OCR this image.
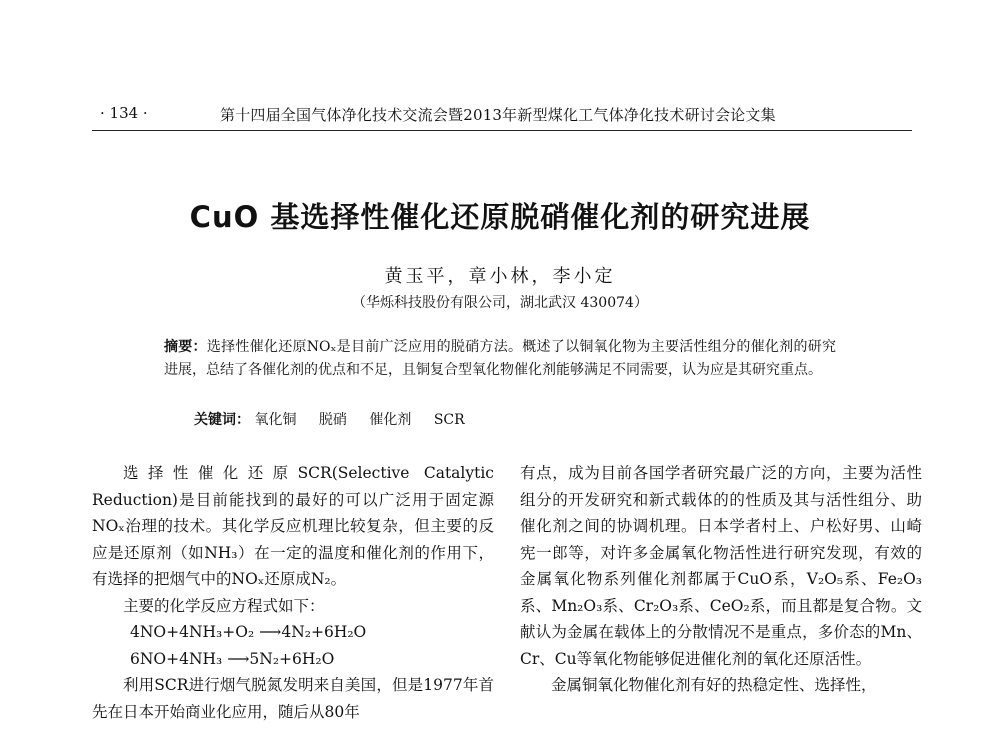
· 134 ·	第十四届全国气体净化技术交流会暨2013年新型煤化工气体净化技术研讨会论文集
CuO 基选择性催化还原脱硝催化剂的研究进展
黄玉平，章小林，李小定
（华烁科技股份有限公司，湖北武汉 430074）
摘要：选择性催化还原NOₓ是目前广泛应用的脱硝方法。概述了以铜氧化物为主要活性组分的催化剂的研究进展，总结了各催化剂的优点和不足，且铜复合型氧化物催化剂能够满足不同需要，认为应是其研究重点。
关键词： 氧化铜 脱硝 催化剂 SCR

选择性催化还原SCR(Selective Catalytic Reduction)是目前能找到的最好的可以广泛用于固定源NOₓ治理的技术。其化学反应机理比较复杂，但主要的反应是还原剂（如NH₃）在一定的温度和催化剂的作用下，有选择的把烟气中的NOₓ还原成N₂。

主要的化学反应方程式如下：

4NO+4NH₃+O₂ ⟶4N₂+6H₂O

6NO+4NH₃ ⟶5N₂+6H₂O

利用SCR进行烟气脱氮发明来自美国，但是1977年首先在日本开始商业化应用，随后从80年

有点，成为目前各国学者研究最广泛的方向，主要为活性组分的开发研究和新式载体的的性质及其与活性组分、助催化剂之间的协调机理。日本学者村上、户松好男、山崎宪一郎等，对许多金属氧化物活性进行研究发现，有效的金属氧化物系列催化剂都属于CuO系，V₂O₅系、Fe₂O₃系、Mn₂O₃系、Cr₂O₃系、CeO₂系，而且都是复合物。文献认为金属在载体上的分散情况不是重点，多价态的Mn、Cr、Cu等氧化物能够促进催化剂的氧化还原活性。

金属铜氧化物催化剂有好的热稳定性、选择性，
